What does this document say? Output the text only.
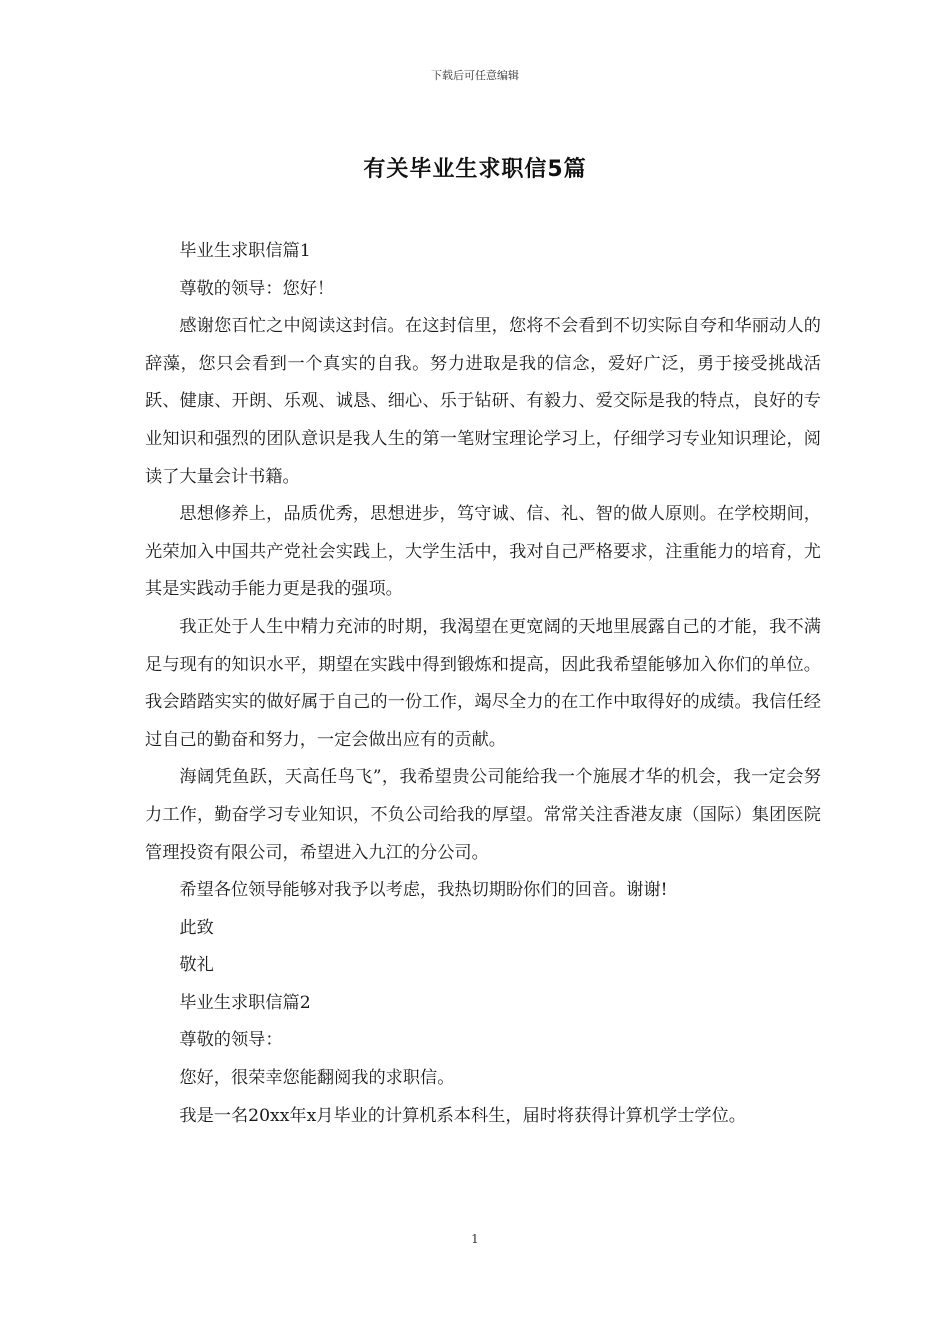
下载后可任意编辑
有关毕业生求职信5篇

毕业生求职信篇1

尊敬的领导：您好！

感谢您百忙之中阅读这封信。在这封信里，您将不会看到不切实际自夸和华丽动人的辞藻，您只会看到一个真实的自我。努力进取是我的信念，爱好广泛，勇于接受挑战活跃、健康、开朗、乐观、诚恳、细心、乐于钻研、有毅力、爱交际是我的特点，良好的专业知识和强烈的团队意识是我人生的第一笔财宝理论学习上，仔细学习专业知识理论，阅读了大量会计书籍。

思想修养上，品质优秀，思想进步，笃守诚、信、礼、智的做人原则。在学校期间，光荣加入中国共产党社会实践上，大学生活中，我对自己严格要求，注重能力的培育，尤其是实践动手能力更是我的强项。

我正处于人生中精力充沛的时期，我渴望在更宽阔的天地里展露自己的才能，我不满足与现有的知识水平，期望在实践中得到锻炼和提高，因此我希望能够加入你们的单位。我会踏踏实实的做好属于自己的一份工作，竭尽全力的在工作中取得好的成绩。我信任经过自己的勤奋和努力，一定会做出应有的贡献。

海阔凭鱼跃，天高任鸟飞”，我希望贵公司能给我一个施展才华的机会，我一定会努力工作，勤奋学习专业知识，不负公司给我的厚望。常常关注香港友康（国际）集团医院管理投资有限公司，希望进入九江的分公司。

希望各位领导能够对我予以考虑，我热切期盼你们的回音。谢谢!

此致

敬礼

毕业生求职信篇2

尊敬的领导：

您好，很荣幸您能翻阅我的求职信。

我是一名20xx年x月毕业的计算机系本科生，届时将获得计算机学士学位。

1
